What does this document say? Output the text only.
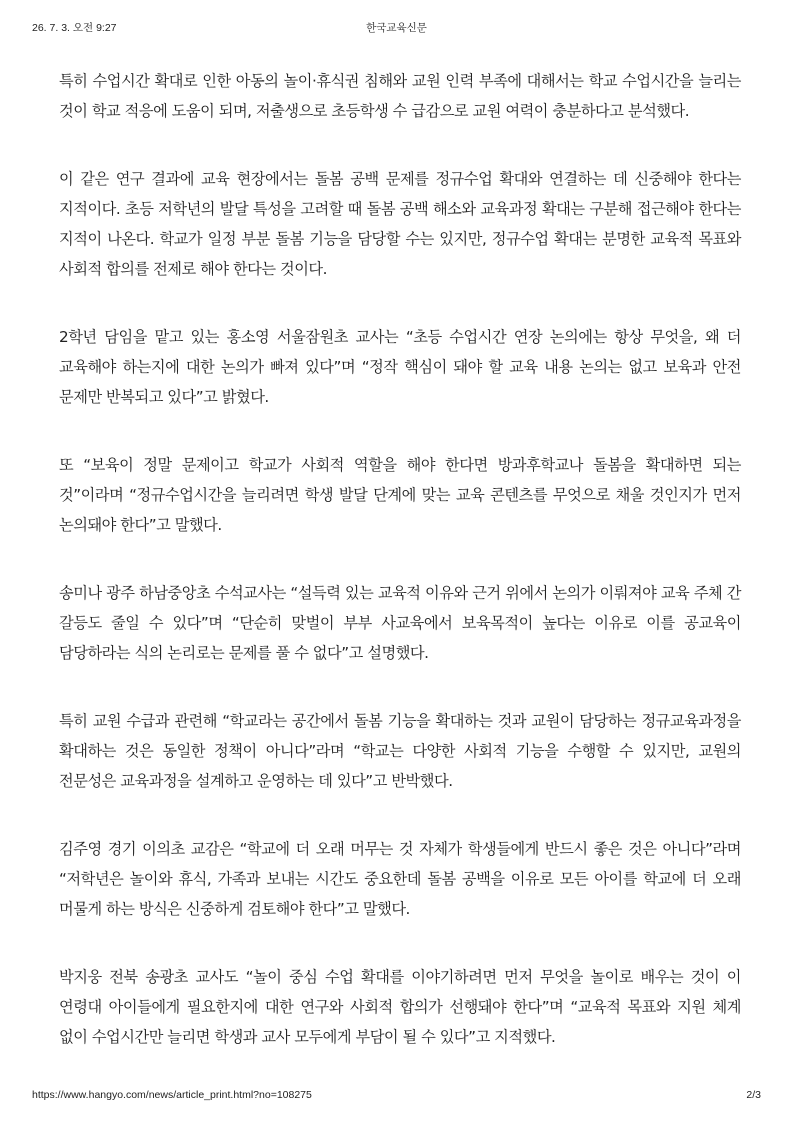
26. 7. 3. 오전 9:27	한국교육신문

특히 수업시간 확대로 인한 아동의 놀이·휴식권 침해와 교원 인력 부족에 대해서는 학교 수업시간을 늘리는 것이 학교 적응에 도움이 되며, 저출생으로 초등학생 수 급감으로 교원 여력이 충분하다고 분석했다.

이 같은 연구 결과에 교육 현장에서는 돌봄 공백 문제를 정규수업 확대와 연결하는 데 신중해야 한다는 지적이다. 초등 저학년의 발달 특성을 고려할 때 돌봄 공백 해소와 교육과정 확대는 구분해 접근해야 한다는 지적이 나온다. 학교가 일정 부분 돌봄 기능을 담당할 수는 있지만, 정규수업 확대는 분명한 교육적 목표와 사회적 합의를 전제로 해야 한다는 것이다.

2학년 담임을 맡고 있는 홍소영 서울잠원초 교사는 “초등 수업시간 연장 논의에는 항상 무엇을, 왜 더 교육해야 하는지에 대한 논의가 빠져 있다”며 “정작 핵심이 돼야 할 교육 내용 논의는 없고 보육과 안전 문제만 반복되고 있다”고 밝혔다.

또 “보육이 정말 문제이고 학교가 사회적 역할을 해야 한다면 방과후학교나 돌봄을 확대하면 되는 것”이라며 “정규수업시간을 늘리려면 학생 발달 단계에 맞는 교육 콘텐츠를 무엇으로 채울 것인지가 먼저 논의돼야 한다”고 말했다.

송미나 광주 하남중앙초 수석교사는 “설득력 있는 교육적 이유와 근거 위에서 논의가 이뤄져야 교육 주체 간 갈등도 줄일 수 있다”며 “단순히 맞벌이 부부 사교육에서 보육목적이 높다는 이유로 이를 공교육이 담당하라는 식의 논리로는 문제를 풀 수 없다”고 설명했다.

특히 교원 수급과 관련해 “학교라는 공간에서 돌봄 기능을 확대하는 것과 교원이 담당하는 정규교육과정을 확대하는 것은 동일한 정책이 아니다”라며 “학교는 다양한 사회적 기능을 수행할 수 있지만, 교원의 전문성은 교육과정을 설계하고 운영하는 데 있다”고 반박했다.

김주영 경기 이의초 교감은 “학교에 더 오래 머무는 것 자체가 학생들에게 반드시 좋은 것은 아니다”라며 “저학년은 놀이와 휴식, 가족과 보내는 시간도 중요한데 돌봄 공백을 이유로 모든 아이를 학교에 더 오래 머물게 하는 방식은 신중하게 검토해야 한다”고 말했다.

박지웅 전북 송광초 교사도 “놀이 중심 수업 확대를 이야기하려면 먼저 무엇을 놀이로 배우는 것이 이 연령대 아이들에게 필요한지에 대한 연구와 사회적 합의가 선행돼야 한다”며 “교육적 목표와 지원 체계 없이 수업시간만 늘리면 학생과 교사 모두에게 부담이 될 수 있다”고 지적했다.

https://www.hangyo.com/news/article_print.html?no=108275	2/3
